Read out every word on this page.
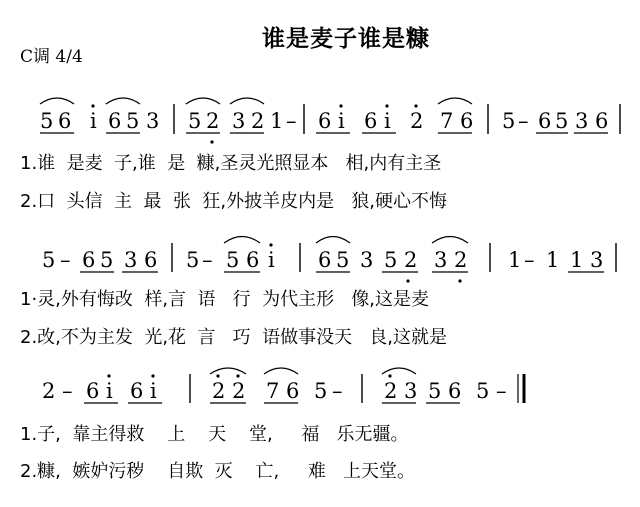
谁是麦子谁是糠
C调 4/4
5 6 i 6 5 3 5 2 3 2 1 – 6 i 6 i 2 7 6 5 – 6 5 3 6
5 – 6 5 3 6 5 – 5 6 i 6 5 3 5 2 3 2 1 – 1 1 3
2 – 6 i 6 i	2 2 7 6 5 – 2 3 5 6 5 –
1.谁  是麦  子,谁  是  糠,圣灵光照显本   相,内有主圣
2.口  头信  主  最  张  狂,外披羊皮内是   狼,硬心不悔
1·灵,外有悔改  样,言  语   行  为代主形   像,这是麦
2.改,不为主发  光,花  言   巧  语做事没天   良,这就是
1.子,  靠主得救    上    天    堂,     福   乐无疆。
2.糠,  嫉妒污秽    自欺  灭    亡,     难   上天堂。
